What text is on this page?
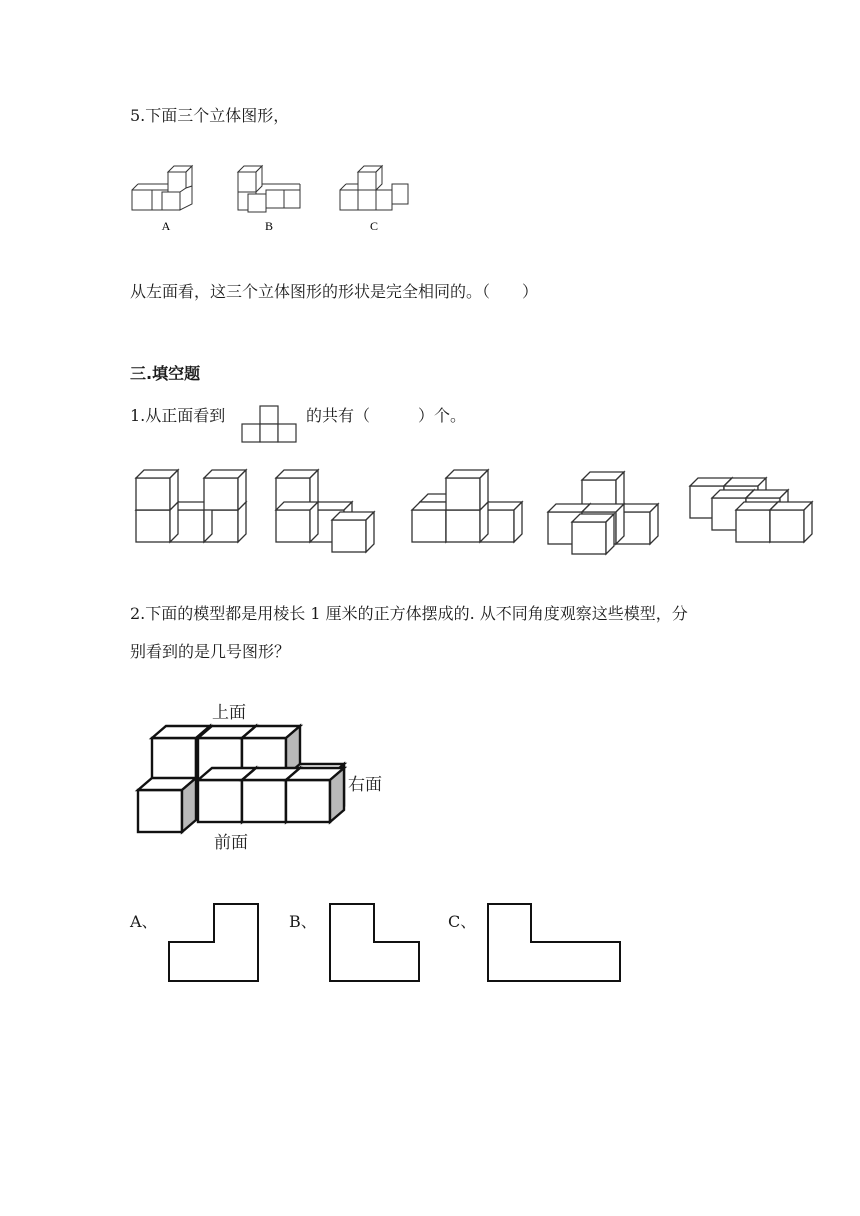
5.下面三个立体图形，
A	B	C
从左面看，这三个立体图形的形状是完全相同的。（　　）
三.填空题
1.从正面看到	的共有（　　　）个。
2.下面的模型都是用棱长 1 厘米的正方体摆成的. 从不同角度观察这些模型，分
别看到的是几号图形？
上面
右面
前面
A、	B、	C、
